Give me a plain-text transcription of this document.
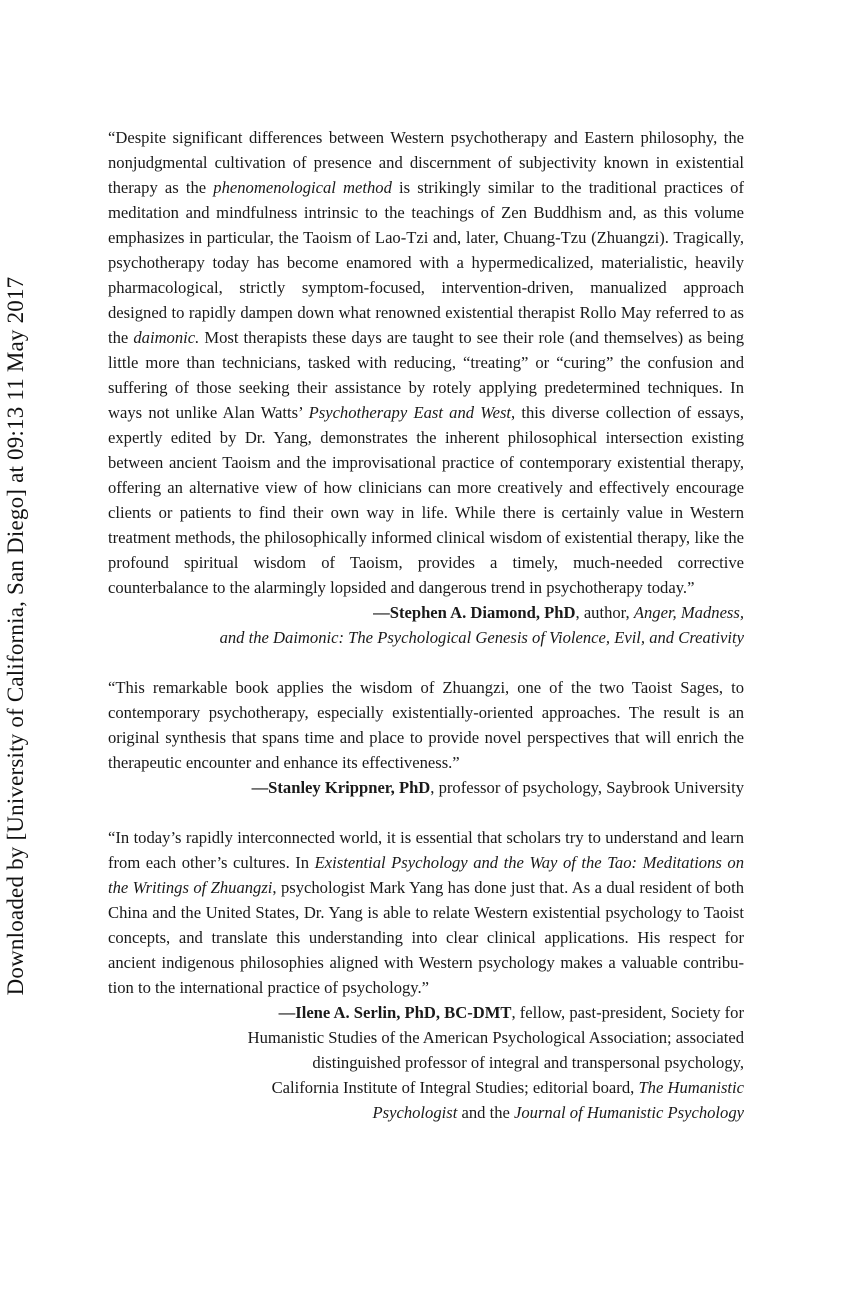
Downloaded by [University of California, San Diego] at 09:13 11 May 2017

“Despite significant differences between Western psychotherapy and Eastern philosophy, the nonjudgmental cultivation of presence and discernment of subjectivity known in existential therapy as the phenomenological method is strikingly similar to the traditional practices of meditation and mindfulness intrinsic to the teachings of Zen Buddhism and, as this volume emphasizes in particular, the Taoism of Lao-Tzi and, later, Chuang-Tzu (Zhuangzi). Tragically, psychotherapy today has become enamored with a hypermedicalized, materialistic, heavily pharmacological, strictly symptom-focused, intervention-driven, manualized approach designed to rapidly dampen down what renowned existential therapist Rollo May referred to as the daimonic. Most therapists these days are taught to see their role (and themselves) as being little more than technicians, tasked with reducing, “treating” or “curing” the confusion and suffering of those seeking their assistance by rotely applying predetermined techniques. In ways not unlike Alan Watts’ Psychotherapy East and West, this diverse collection of essays, expertly edited by Dr. Yang, demonstrates the inherent philosophical intersection existing between ancient Taoism and the improvisational practice of contemporary existential therapy, offering an alternative view of how clinicians can more creatively and effectively encourage clients or patients to find their own way in life. While there is certainly value in Western treatment methods, the philosophically informed clinical wisdom of existential therapy, like the profound spiritual wisdom of Taoism, provides a timely, much-needed corrective counterbalance to the alarmingly lopsided and dangerous trend in psychotherapy today.”

—Stephen A. Diamond, PhD, author, Anger, Madness,
and the Daimonic: The Psychological Genesis of Violence, Evil, and Creativity

“This remarkable book applies the wisdom of Zhuangzi, one of the two Taoist Sages, to contemporary psychotherapy, especially existentially-oriented approaches. The result is an original synthesis that spans time and place to provide novel perspectives that will enrich the therapeutic encounter and enhance its effectiveness.”

—Stanley Krippner, PhD, professor of psychology, Saybrook University

“In today’s rapidly interconnected world, it is essential that scholars try to understand and learn from each other’s cultures. In Existential Psychology and the Way of the Tao: Meditations on the Writings of Zhuangzi, psychologist Mark Yang has done just that. As a dual resident of both China and the United States, Dr. Yang is able to relate Western existential psychology to Taoist concepts, and translate this understanding into clear clinical applications. His respect for ancient indigenous philosophies aligned with Western psychology makes a valuable contribution to the international practice of psychology.”

—Ilene A. Serlin, PhD, BC-DMT, fellow, past-president, Society for
Humanistic Studies of the American Psychological Association; associated
distinguished professor of integral and transpersonal psychology,
California Institute of Integral Studies; editorial board, The Humanistic
Psychologist and the Journal of Humanistic Psychology
